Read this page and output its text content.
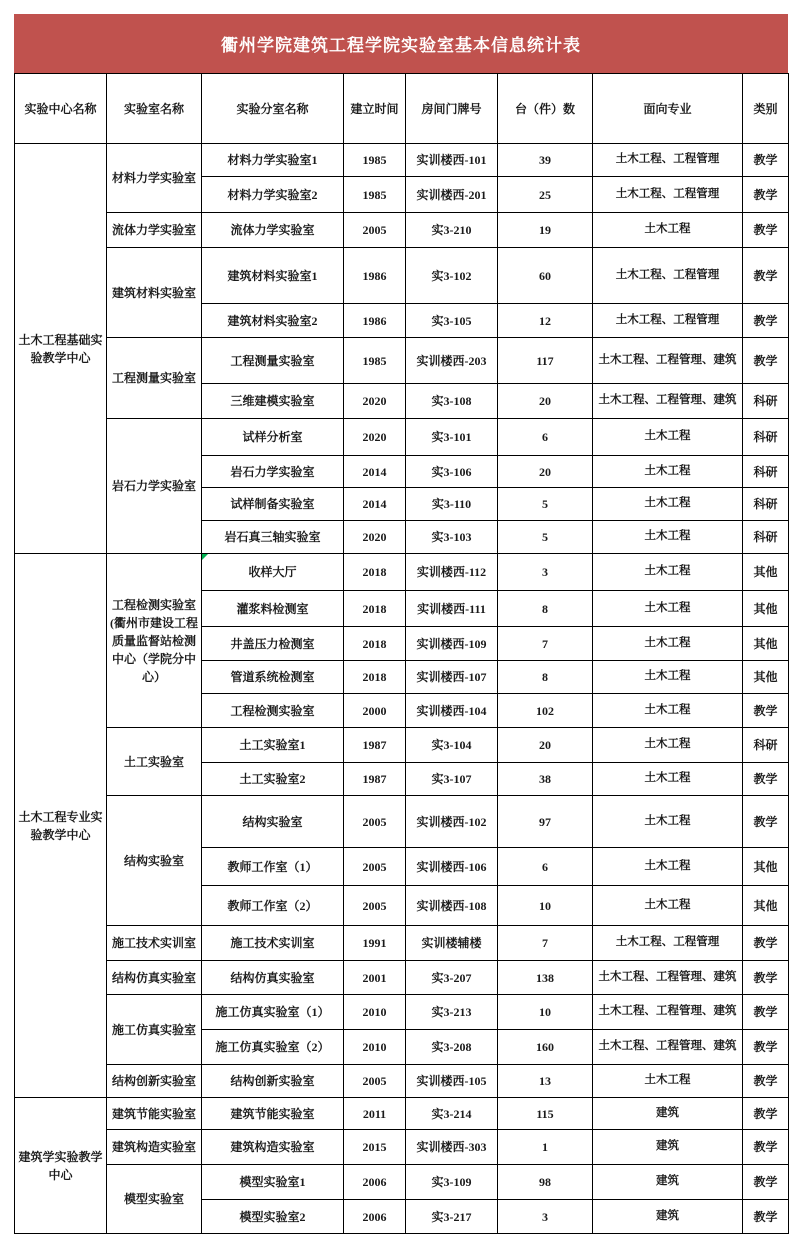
衢州学院建筑工程学院实验室基本信息统计表
实验中心名称	实验室名称	实验分室名称	建立时间	房间门牌号	台（件）数	面向专业	类别
土木工程基础实验教学中心	材料力学实验室	材料力学实验室1	1985	实训楼西-101	39	土木工程、工程管理	教学
		材料力学实验室2	1985	实训楼西-201	25	土木工程、工程管理	教学
	流体力学实验室	流体力学实验室	2005	实3-210	19	土木工程	教学
	建筑材料实验室	建筑材料实验室1	1986	实3-102	60	土木工程、工程管理	教学
		建筑材料实验室2	1986	实3-105	12	土木工程、工程管理	教学
	工程测量实验室	工程测量实验室	1985	实训楼西-203	117	土木工程、工程管理、建筑	教学
		三维建模实验室	2020	实3-108	20	土木工程、工程管理、建筑	科研
	岩石力学实验室	试样分析室	2020	实3-101	6	土木工程	科研
		岩石力学实验室	2014	实3-106	20	土木工程	科研
		试样制备实验室	2014	实3-110	5	土木工程	科研
		岩石真三轴实验室	2020	实3-103	5	土木工程	科研
土木工程专业实验教学中心	工程检测实验室(衢州市建设工程质量监督站检测中心（学院分中心）	收样大厅	2018	实训楼西-112	3	土木工程	其他
		灌浆料检测室	2018	实训楼西-111	8	土木工程	其他
		井盖压力检测室	2018	实训楼西-109	7	土木工程	其他
		管道系统检测室	2018	实训楼西-107	8	土木工程	其他
		工程检测实验室	2000	实训楼西-104	102	土木工程	教学
	土工实验室	土工实验室1	1987	实3-104	20	土木工程	科研
		土工实验室2	1987	实3-107	38	土木工程	教学
	结构实验室	结构实验室	2005	实训楼西-102	97	土木工程	教学
		教师工作室（1）	2005	实训楼西-106	6	土木工程	其他
		教师工作室（2）	2005	实训楼西-108	10	土木工程	其他
	施工技术实训室	施工技术实训室	1991	实训楼辅楼	7	土木工程、工程管理	教学
	结构仿真实验室	结构仿真实验室	2001	实3-207	138	土木工程、工程管理、建筑	教学
	施工仿真实验室	施工仿真实验室（1）	2010	实3-213	10	土木工程、工程管理、建筑	教学
		施工仿真实验室（2）	2010	实3-208	160	土木工程、工程管理、建筑	教学
	结构创新实验室	结构创新实验室	2005	实训楼西-105	13	土木工程	教学
建筑学实验教学中心	建筑节能实验室	建筑节能实验室	2011	实3-214	115	建筑	教学
	建筑构造实验室	建筑构造实验室	2015	实训楼西-303	1	建筑	教学
	模型实验室	模型实验室1	2006	实3-109	98	建筑	教学
		模型实验室2	2006	实3-217	3	建筑	教学
